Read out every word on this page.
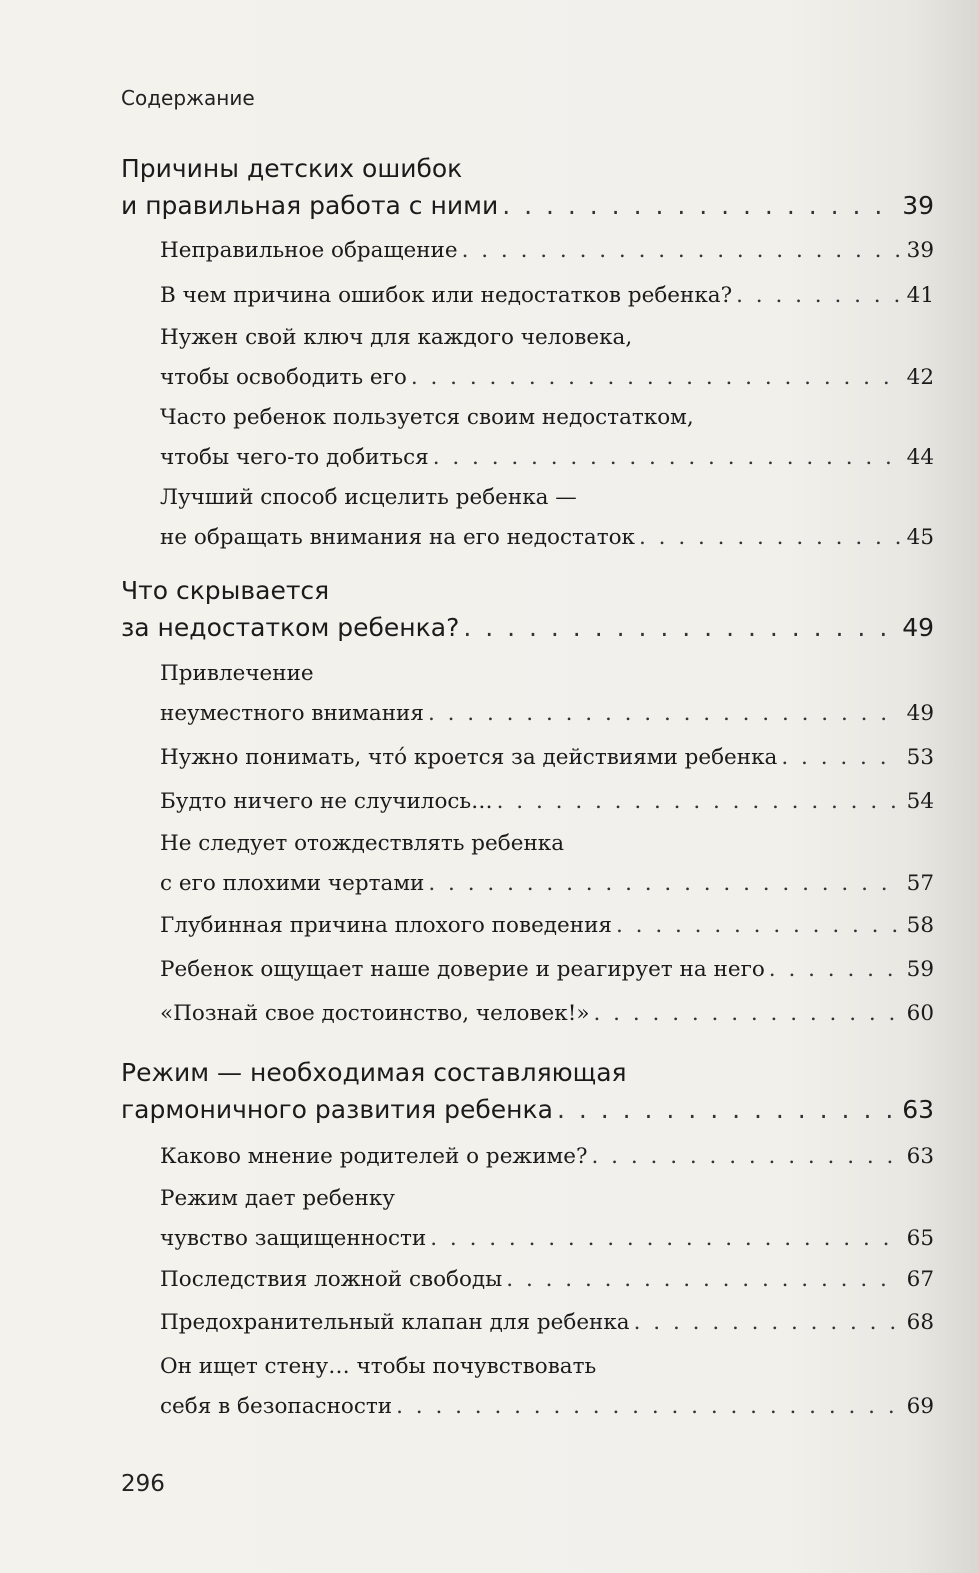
Содержание
Причины детских ошибок
и правильная работа с ними . . .	39
Неправильное обращение . . .	39
В чем причина ошибок или недостатков ребенка? . . .	41
Нужен свой ключ для каждого человека,
чтобы освободить его . . .	42
Часто ребенок пользуется своим недостатком,
чтобы чего-то добиться . . .	44
Лучший способ исцелить ребенка —
не обращать внимания на его недостаток . . .	45
Что скрывается
за недостатком ребенка? . . .	49
Привлечение
неуместного внимания . . .	49
Нужно понимать, чтó кроется за действиями ребенка . . .	53
Будто ничего не случилось… . . .	54
Не следует отождествлять ребенка
с его плохими чертами . . .	57
Глубинная причина плохого поведения . . .	58
Ребенок ощущает наше доверие и реагирует на него . . .	59
«Познай свое достоинство, человек!» . . .	60
Режим — необходимая составляющая
гармоничного развития ребенка . . .	63
Каково мнение родителей о режиме? . . .	63
Режим дает ребенку
чувство защищенности . . .	65
Последствия ложной свободы . . .	67
Предохранительный клапан для ребенка . . .	68
Он ищет стену… чтобы почувствовать
себя в безопасности . . .	69
296
